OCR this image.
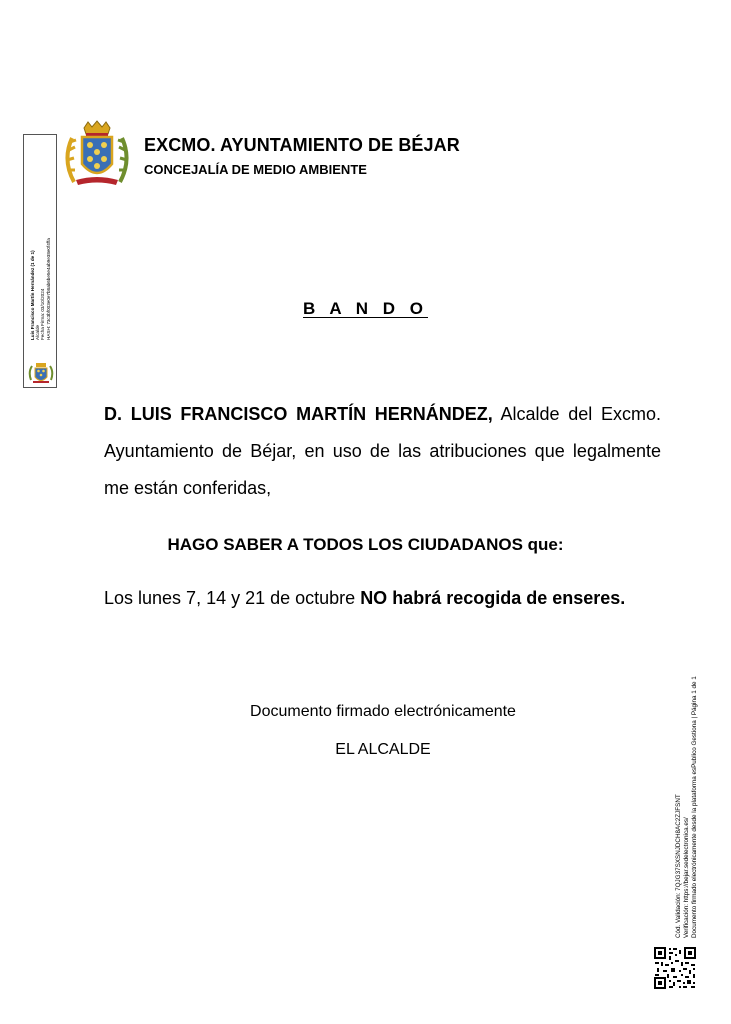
Luis Francisco Martín Hernández (1 de 1) Alcalde Fecha Firma: 03/10/2024 HASH: 73c3bf003e0e7b8ab6be5e4ab9e38e0f4ffa
EXCMO. AYUNTAMIENTO DE BÉJAR
CONCEJALÍA DE MEDIO AMBIENTE
B A N D O
D. LUIS FRANCISCO MARTÍN HERNÁNDEZ, Alcalde del Excmo. Ayuntamiento de Béjar, en uso de las atribuciones que legalmente me están conferidas,
HAGO SABER A TODOS LOS CIUDADANOS que:
Los lunes 7, 14 y 21 de octubre NO habrá recogida de enseres.
Documento firmado electrónicamente
EL ALCALDE
Cód. Validación: 7QJG37SXSNJDCH8AC2ZJFSNT Verificación: https://bejar.sedelectronica.es/ Documento firmado electrónicamente desde la plataforma esPublico Gestiona | Página 1 de 1
